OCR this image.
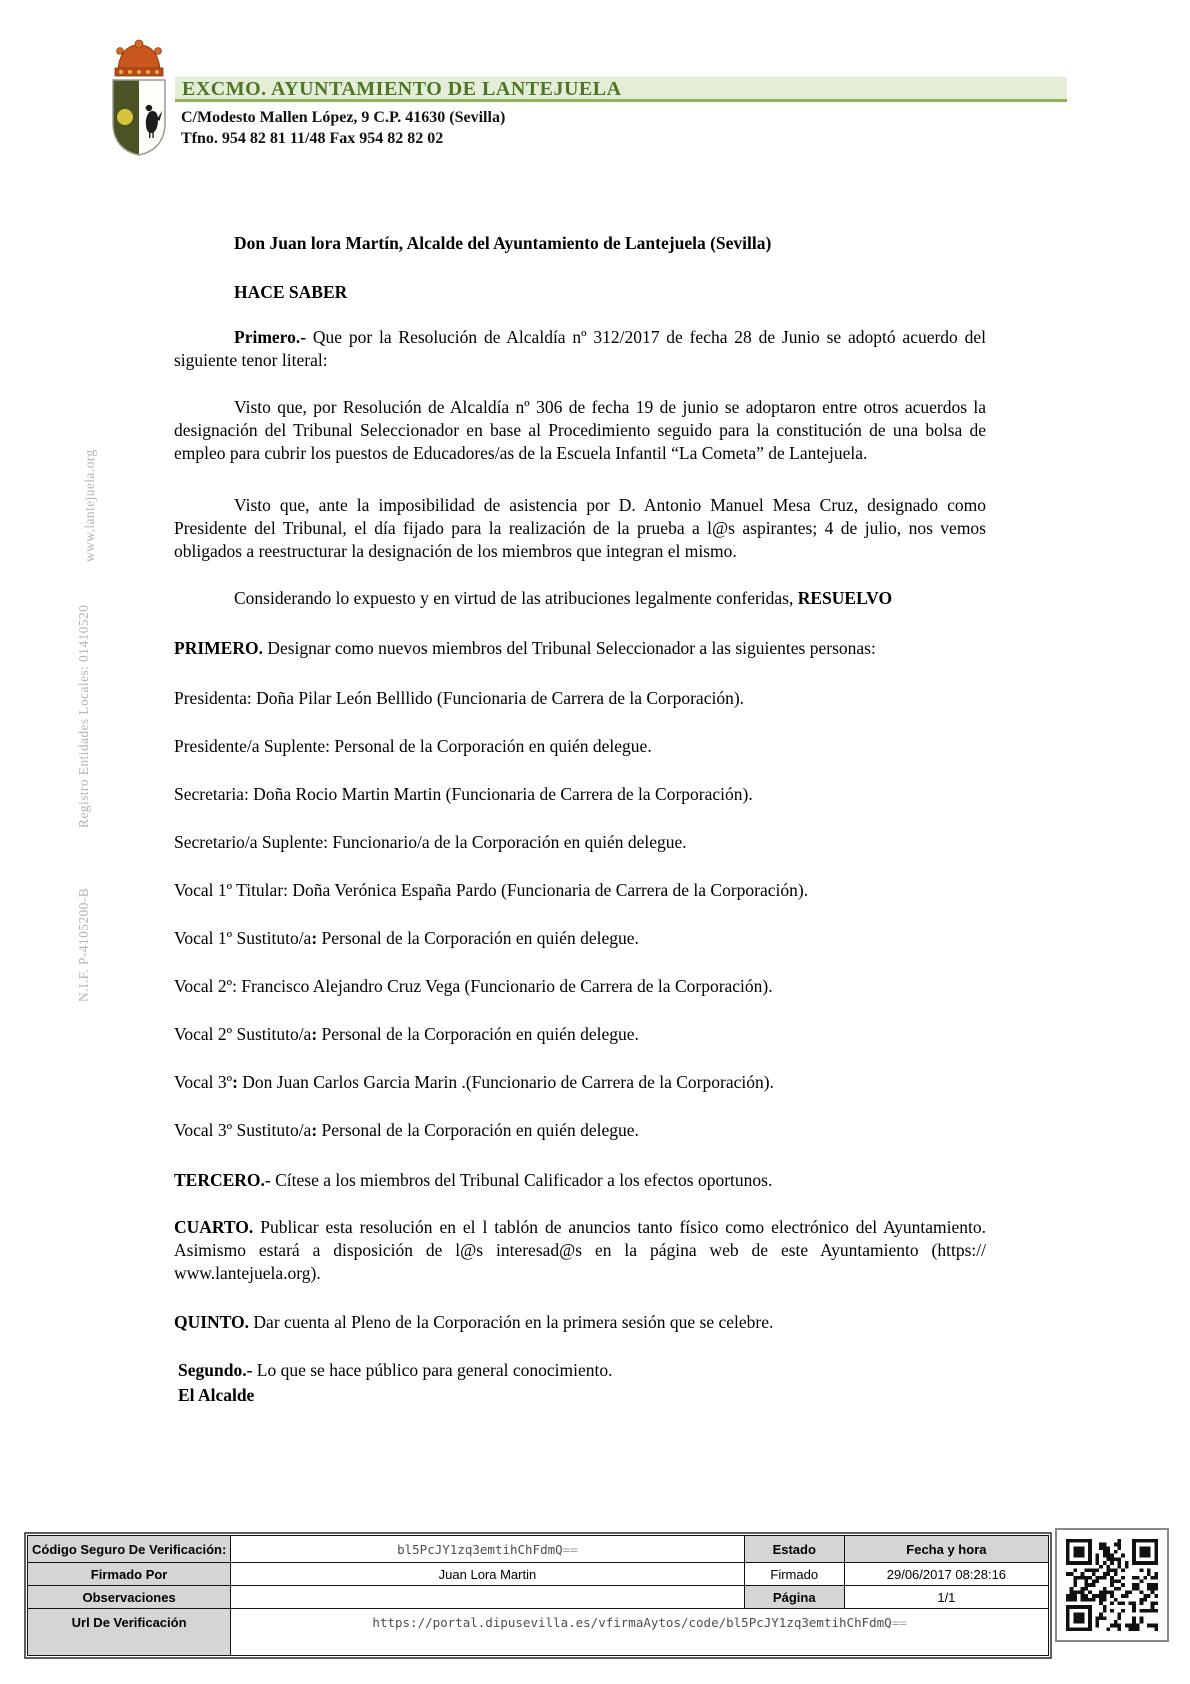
EXCMO. AYUNTAMIENTO DE LANTEJUELA
C/Modesto Mallen López, 9 C.P. 41630 (Sevilla)
Tfno. 954 82 81 11/48 Fax 954 82 82 02
www.lantejuela.org
Registro Entidades Locales: 01410520
N.I.F. P-4105200-B

Don Juan lora Martín, Alcalde del Ayuntamiento de Lantejuela (Sevilla)

HACE SABER

Primero.- Que por la Resolución de Alcaldía nº 312/2017 de fecha 28 de Junio se adoptó acuerdo del siguiente tenor literal:

Visto que, por Resolución de Alcaldía nº 306 de fecha 19 de junio se adoptaron entre otros acuerdos la designación del Tribunal Seleccionador en base al Procedimiento seguido para la constitución de una bolsa de empleo para cubrir los puestos de Educadores/as de la Escuela Infantil “La Cometa” de Lantejuela.

Visto que, ante la imposibilidad de asistencia por D. Antonio Manuel Mesa Cruz, designado como Presidente del Tribunal, el día fijado para la realización de la prueba a l@s aspirantes; 4 de julio, nos vemos obligados a reestructurar la designación de los miembros que integran el mismo.

Considerando lo expuesto y en virtud de las atribuciones legalmente conferidas, RESUELVO

PRIMERO. Designar como nuevos miembros del Tribunal Seleccionador a las siguientes personas:

Presidenta: Doña Pilar León Belllido (Funcionaria de Carrera de la Corporación).

Presidente/a Suplente: Personal de la Corporación en quién delegue.

Secretaria: Doña Rocio Martin Martin (Funcionaria de Carrera de la Corporación).

Secretario/a Suplente: Funcionario/a de la Corporación en quién delegue.

Vocal 1º Titular: Doña Verónica España Pardo (Funcionaria de Carrera de la Corporación).

Vocal 1º Sustituto/a: Personal de la Corporación en quién delegue.

Vocal 2º: Francisco Alejandro Cruz Vega (Funcionario de Carrera de la Corporación).

Vocal 2º Sustituto/a: Personal de la Corporación en quién delegue.

Vocal 3º: Don Juan Carlos Garcia Marin .(Funcionario de Carrera de la Corporación).

Vocal 3º Sustituto/a: Personal de la Corporación en quién delegue.

TERCERO.- Cítese a los miembros del Tribunal Calificador a los efectos oportunos.

CUARTO. Publicar esta resolución en el l tablón de anuncios tanto físico como electrónico del Ayuntamiento. Asimismo estará a disposición de l@s interesad@s en la página web de este Ayuntamiento (https:// www.lantejuela.org).

QUINTO. Dar cuenta al Pleno de la Corporación en la primera sesión que se celebre.

Segundo.- Lo que se hace público para general conocimiento.

El Alcalde

Código Seguro De Verificación:	bl5PcJY1zq3emtihChFdmQ==	Estado	Fecha y hora
Firmado Por	Juan Lora Martin	Firmado	29/06/2017 08:28:16
Observaciones		Página	1/1
Url De Verificación	https://portal.dipusevilla.es/vfirmaAytos/code/bl5PcJY1zq3emtihChFdmQ==		
